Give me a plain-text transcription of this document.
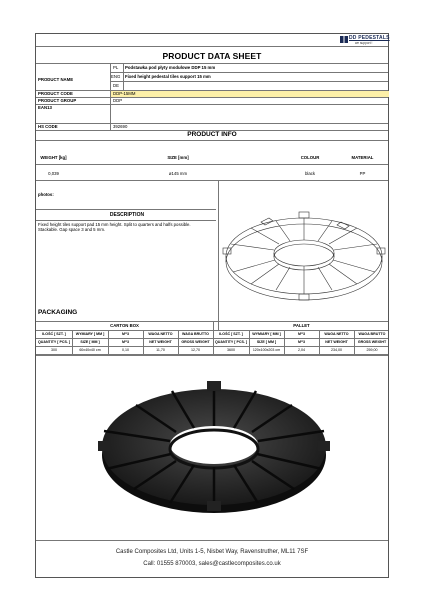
DD PEDESTALS
we support !
PRODUCT DATA SHEET
PRODUCT NAME
PL Podstawka pod płyty modułowe DDP 15 mm
ENG Fixed height pedestal tiles support 15 mm
DE
PRODUCT CODE	DDP-15MM
PRODUCT GROUP	DDP
EAN13
HS CODE	392690
PRODUCT INFO
WEIGHT [kg]	SIZE [mm]	COLOUR	MATERIAL
0,039	ø145 mm	black	PP
photos:
DESCRIPTION
Fixed height tiles support pad 15 mm height. Split to quarters and halfs possible.
Stackable. Gap space 3 and 5 mm.
PACKAGING
CARTON BOX	PALLET
ILOŚĆ [ SZT. ]	WYMIARY [ MM ]	M^3	WAGA NETTO	WAGA BRUTTO	ILOŚĆ [ SZT. ]	WYMIARY [ MM ]	M^3	WAGA NETTO	WAGA BRUTTO
QUANTITY [ PCS. ]	SIZE [ MM ]	M^3	NET WEIGHT	GROSS WEIGHT	QUANTITY [ PCS. ]	SIZE [ MM ]	M^3	NET WEIGHT	GROSS WEIGHT
300	60x40x40 cm	0,10	11,70	12,70	3600	120x100x203 cm	2,04	234,00	259,00
Castle Composites Ltd, Units 1-5, Nisbet Way, Ravenstruther, ML11 7SF
Call: 01555 870003, sales@castlecomposites.co.uk
